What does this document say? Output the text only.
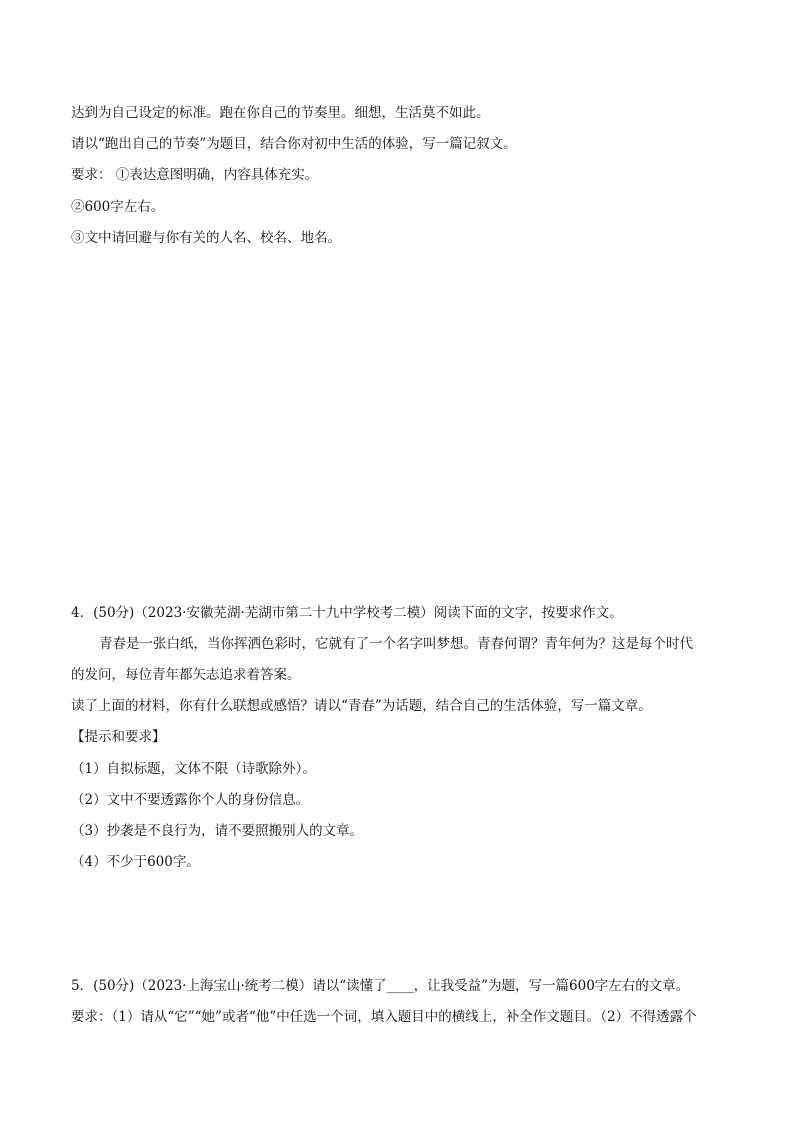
达到为自己设定的标准。跑在你自己的节奏里。细想，生活莫不如此。
请以“跑出自己的节奏”为题目，结合你对初中生活的体验，写一篇记叙文。
要求： ①表达意图明确，内容具体充实。
②600字左右。
③文中请回避与你有关的人名、校名、地名。
4．(50分)（2023·安徽芜湖·芜湖市第二十九中学校考二模）阅读下面的文字，按要求作文。
青春是一张白纸，当你挥洒色彩时，它就有了一个名字叫梦想。青春何谓？青年何为？这是每个时代
的发问，每位青年都矢志追求着答案。
读了上面的材料，你有什么联想或感悟？请以“青春”为话题，结合自己的生活体验，写一篇文章。
【提示和要求】
（1）自拟标题，文体不限（诗歌除外）。
（2）文中不要透露你个人的身份信息。
（3）抄袭是不良行为，请不要照搬别人的文章。
（4）不少于600字。
5．(50分)（2023·上海宝山·统考二模）请以“读懂了____，让我受益”为题，写一篇600字左右的文章。
要求：（1）请从“它”“她”或者“他”中任选一个词，填入题目中的横线上，补全作文题目。（2）不得透露个
